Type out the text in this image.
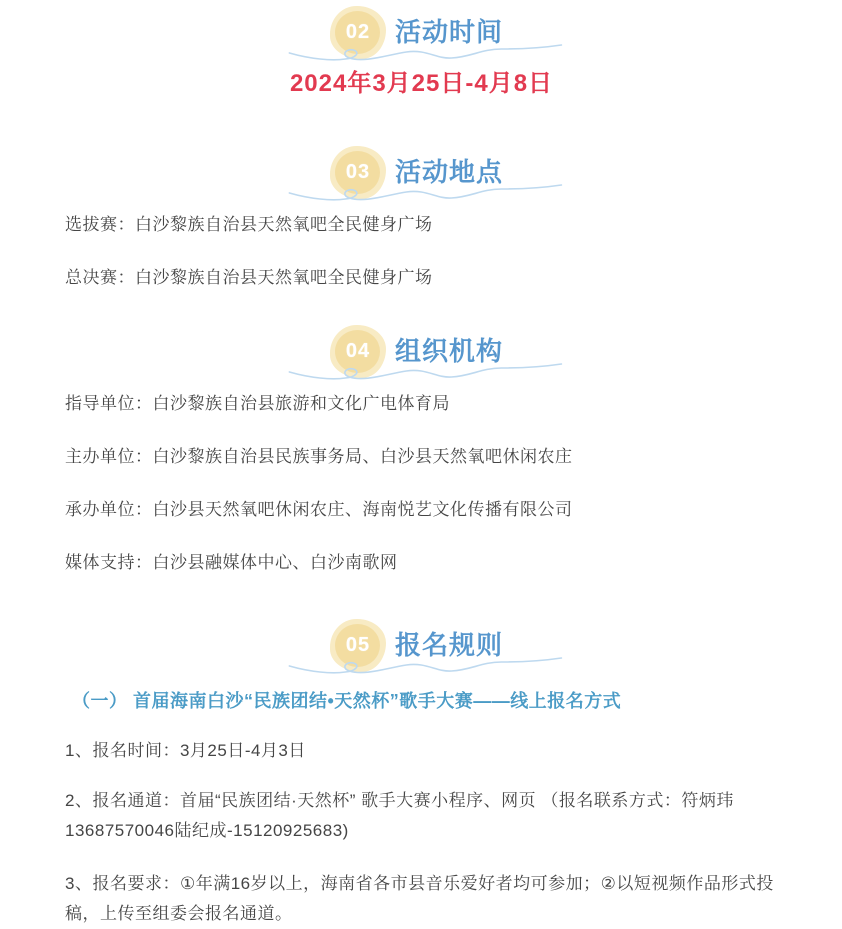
02 活动时间
2024年3月25日-4月8日
03 活动地点

选拔赛：白沙黎族自治县天然氧吧全民健身广场

总决赛：白沙黎族自治县天然氧吧全民健身广场

04 组织机构

指导单位：白沙黎族自治县旅游和文化广电体育局

主办单位：白沙黎族自治县民族事务局、白沙县天然氧吧休闲农庄

承办单位：白沙县天然氧吧休闲农庄、海南悦艺文化传播有限公司

媒体支持：白沙县融媒体中心、白沙南歌网

05 报名规则
（一） 首届海南白沙“民族团结•天然杯”歌手大赛——线上报名方式

1、报名时间：3月25日-4月3日

2、报名通道：首届“民族团结·天然杯” 歌手大赛小程序、网页 （报名联系方式：符炳玮 13687570046陆纪成-15120925683)

3、报名要求：①年满16岁以上，海南省各市县音乐爱好者均可参加；②以短视频作品形式投稿，上传至组委会报名通道。
